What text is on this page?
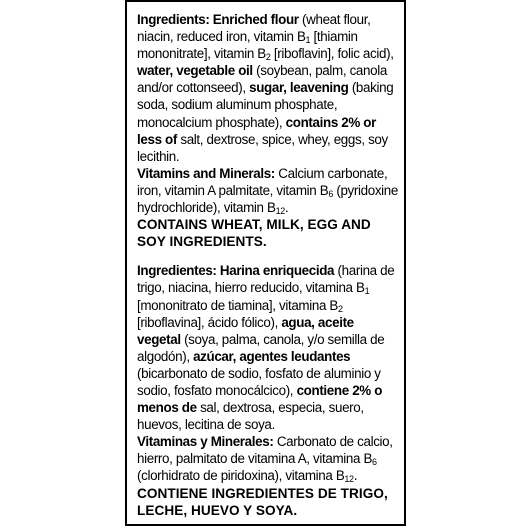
Ingredients: Enriched flour (wheat flour, niacin, reduced iron, vitamin $B_1$ [thiamin mononitrate], vitamin $B_2$ [riboflavin], folic acid), water, vegetable oil (soybean, palm, canola and/or cottonseed), sugar, leavening (baking soda, sodium aluminum phosphate, monocalcium phosphate), contains 2% or less of salt, dextrose, spice, whey, eggs, soy lecithin.

Vitamins and Minerals: Calcium carbonate, iron, vitamin A palmitate, vitamin $B_6$ (pyridoxine hydrochloride), vitamin $B_{12}$.

CONTAINS WHEAT, MILK, EGG AND SOY INGREDIENTS.

Ingredientes: Harina enriquecida (harina de trigo, niacina, hierro reducido, vitamina $B_1$ [mononitrato de tiamina], vitamina $B_2$ [riboflavina], ácido fólico), agua, aceite vegetal (soya, palma, canola, y/o semilla de algodón), azúcar, agentes leudantes (bicarbonato de sodio, fosfato de aluminio y sodio, fosfato monocálcico), contiene 2% o menos de sal, dextrosa, especia, suero, huevos, lecitina de soya.

Vitaminas y Minerales: Carbonato de calcio, hierro, palmitato de vitamina A, vitamina $B_6$ (clorhidrato de piridoxina), vitamina $B_{12}$.

CONTIENE INGREDIENTES DE TRIGO, LECHE, HUEVO Y SOYA.
